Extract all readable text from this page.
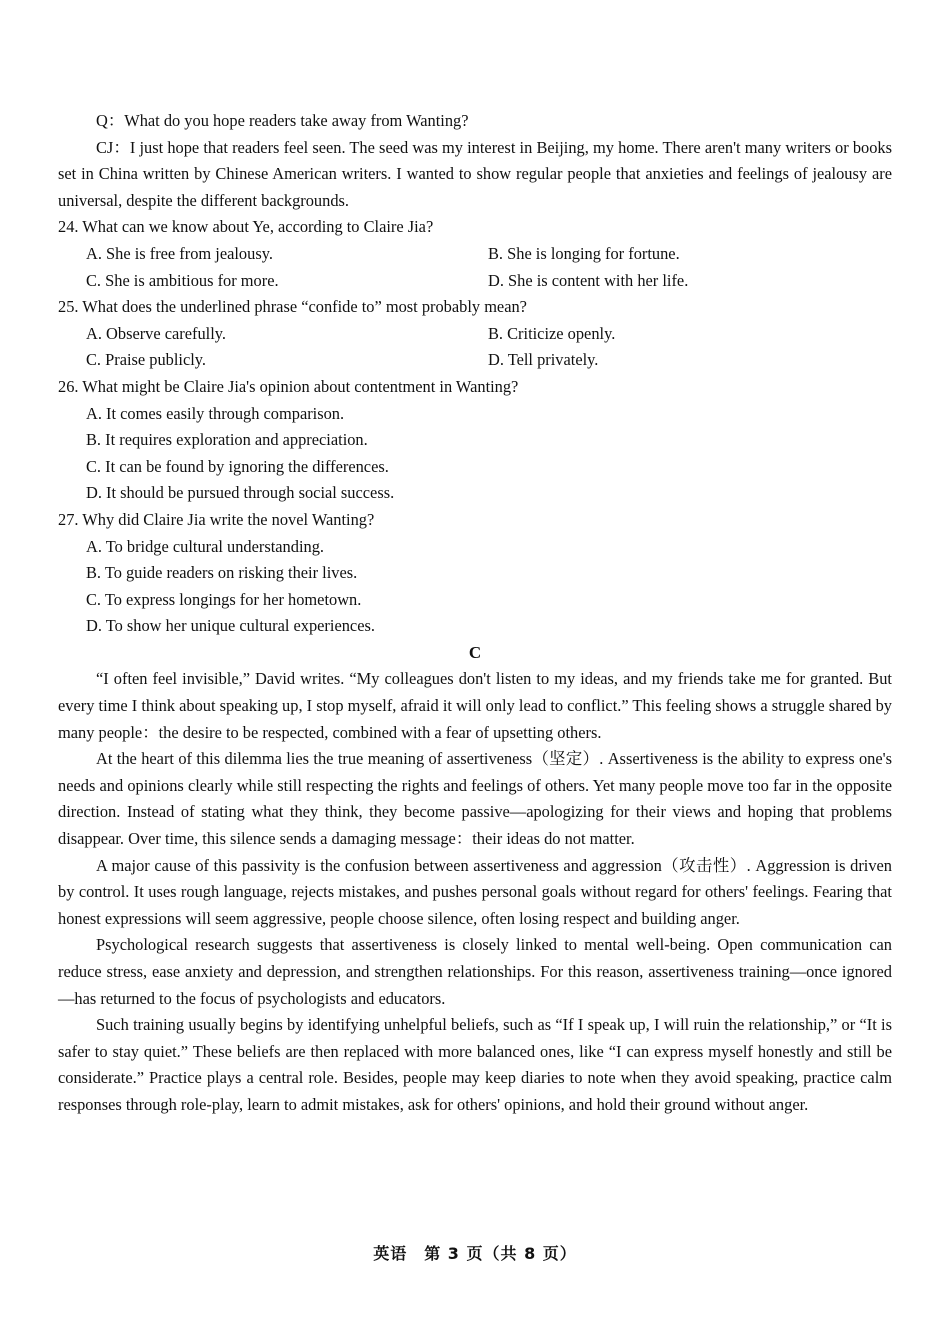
Q：What do you hope readers take away from Wanting?

CJ：I just hope that readers feel seen. The seed was my interest in Beijing, my home. There aren't many writers or books set in China written by Chinese American writers. I wanted to show regular people that anxieties and feelings of jealousy are universal, despite the different backgrounds.

24. What can we know about Ye, according to Claire Jia?

A. She is free from jealousy.	B. She is longing for fortune.
C. She is ambitious for more.	D. She is content with her life.

25. What does the underlined phrase “confide to” most probably mean?

A. Observe carefully.	B. Criticize openly.
C. Praise publicly.	D. Tell privately.

26. What might be Claire Jia's opinion about contentment in Wanting?

A. It comes easily through comparison.

B. It requires exploration and appreciation.

C. It can be found by ignoring the differences.

D. It should be pursued through social success.

27. Why did Claire Jia write the novel Wanting?

A. To bridge cultural understanding.

B. To guide readers on risking their lives.

C. To express longings for her hometown.

D. To show her unique cultural experiences.

C

“I often feel invisible,” David writes. “My colleagues don't listen to my ideas, and my friends take me for granted. But every time I think about speaking up, I stop myself, afraid it will only lead to conflict.” This feeling shows a struggle shared by many people：the desire to be respected, combined with a fear of upsetting others.

At the heart of this dilemma lies the true meaning of assertiveness（坚定）. Assertiveness is the ability to express one's needs and opinions clearly while still respecting the rights and feelings of others. Yet many people move too far in the opposite direction. Instead of stating what they think, they become passive—apologizing for their views and hoping that problems disappear. Over time, this silence sends a damaging message：their ideas do not matter.

A major cause of this passivity is the confusion between assertiveness and aggression（攻击性）. Aggression is driven by control. It uses rough language, rejects mistakes, and pushes personal goals without regard for others' feelings. Fearing that honest expressions will seem aggressive, people choose silence, often losing respect and building anger.

Psychological research suggests that assertiveness is closely linked to mental well-being. Open communication can reduce stress, ease anxiety and depression, and strengthen relationships. For this reason, assertiveness training—once ignored—has returned to the focus of psychologists and educators.

Such training usually begins by identifying unhelpful beliefs, such as “If I speak up, I will ruin the relationship,” or “It is safer to stay quiet.” These beliefs are then replaced with more balanced ones, like “I can express myself honestly and still be considerate.” Practice plays a central role. Besides, people may keep diaries to note when they avoid speaking, practice calm responses through role-play, learn to admit mistakes, ask for others' opinions, and hold their ground without anger.

英语　第 3 页（共 8 页）
